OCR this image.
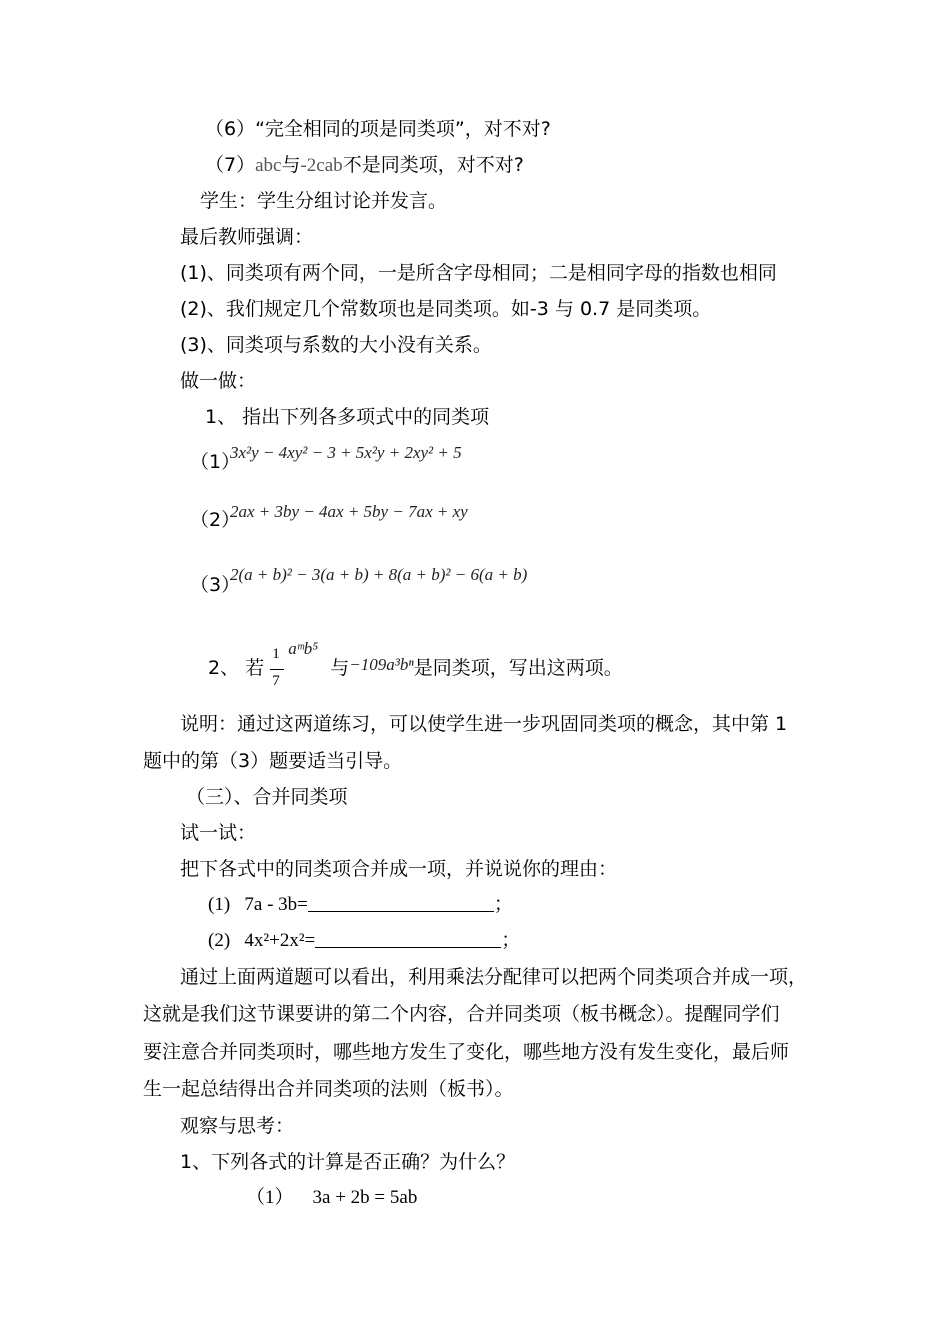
（6）“完全相同的项是同类项”，对不对?
（7）abc与-2cab不是同类项，对不对?
学生：学生分组讨论并发言。
最后教师强调：
(1)、同类项有两个同，一是所含字母相同；二是相同字母的指数也相同
(2)、我们规定几个常数项也是同类项。如-3 与 0.7 是同类项。
(3)、同类项与系数的大小没有关系。
做一做：
1、 指出下列各多项式中的同类项
（1）
3x²y − 4xy² − 3 + 5x²y + 2xy² + 5
（2）
2ax + 3by − 4ax + 5by − 7ax + xy
（3）
2(a + b)² − 3(a + b) + 8(a + b)² − 6(a + b)
2、 若 $\frac{1}{7}$ aᵐb⁵ 与−109a³bⁿ是同类项，写出这两项。
说明：通过这两道练习，可以使学生进一步巩固同类项的概念，其中第 1
题中的第（3）题要适当引导。
（三）、合并同类项
试一试：
把下各式中的同类项合并成一项，并说说你的理由：
(1) 7a - 3b=	；
(2) 4x²+2x²=	；
通过上面两道题可以看出，利用乘法分配律可以把两个同类项合并成一项，
这就是我们这节课要讲的第二个内容，合并同类项（板书概念）。提醒同学们
要注意合并同类项时，哪些地方发生了变化，哪些地方没有发生变化，最后师
生一起总结得出合并同类项的法则（板书）。
观察与思考：
1、下列各式的计算是否正确？为什么？
（1） 3a + 2b = 5ab
